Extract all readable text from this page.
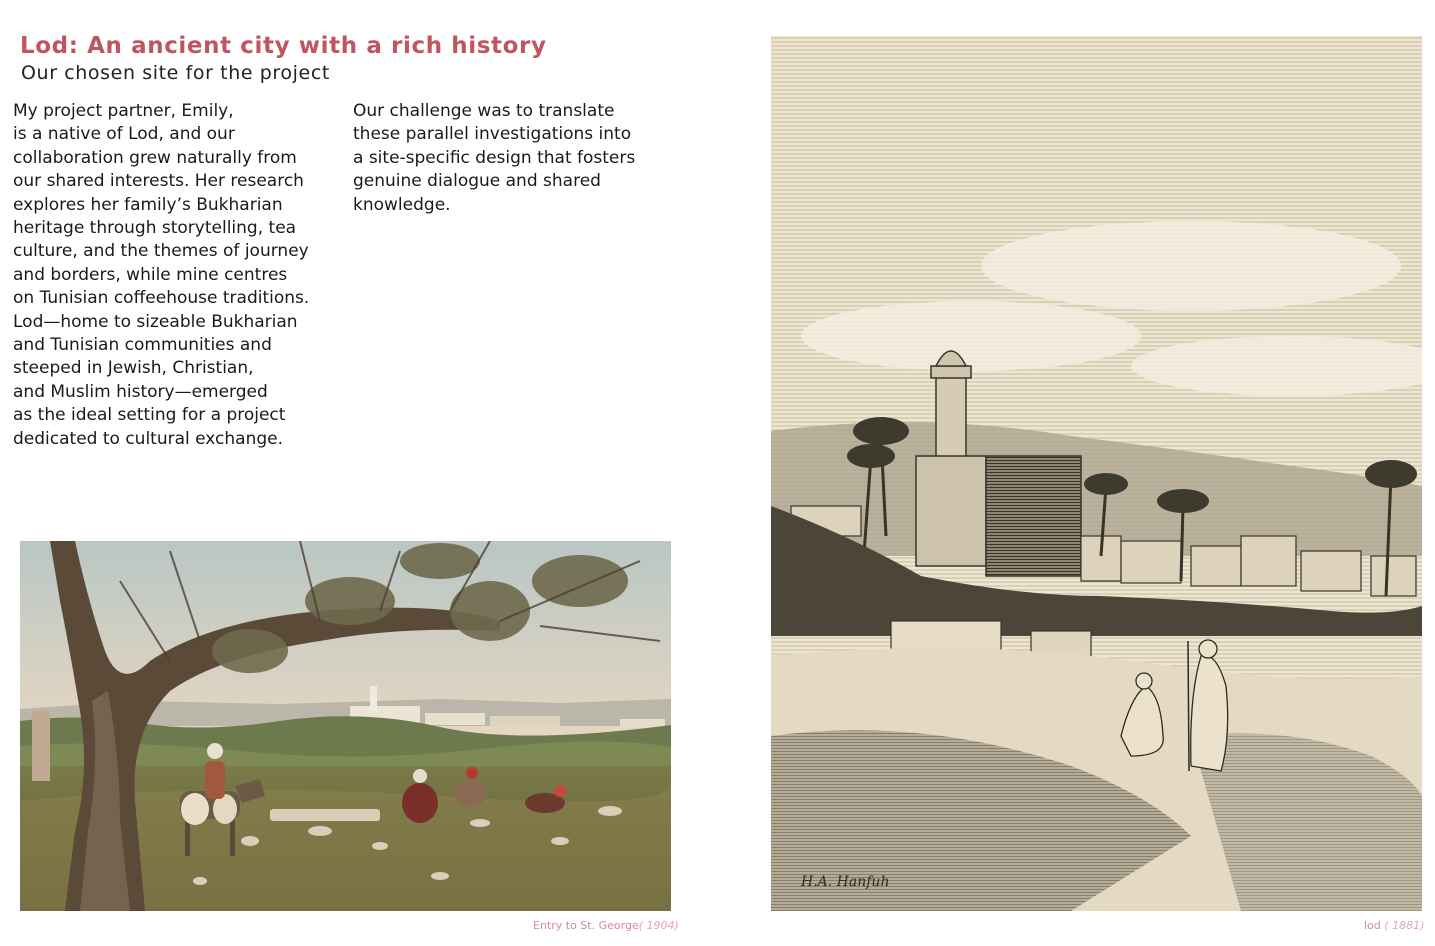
Lod: An ancient city with a rich history
Our chosen site for the project
My project partner, Emily,
is a native of Lod, and our
collaboration grew naturally from
our shared interests. Her research
explores her family’s Bukharian
heritage through storytelling, tea
culture, and the themes of journey
and borders, while mine centres
on Tunisian coffeehouse traditions.
Lod—home to sizeable Bukharian
and Tunisian communities and
steeped in Jewish, Christian,
and Muslim history—emerged
as the ideal setting for a project
dedicated to cultural exchange.
Our challenge was to translate
these parallel investigations into
a site-specific design that fosters
genuine dialogue and shared
knowledge.
H.A. Hanfuh
Entry to St. George( 1904)	lod ( 1881)
